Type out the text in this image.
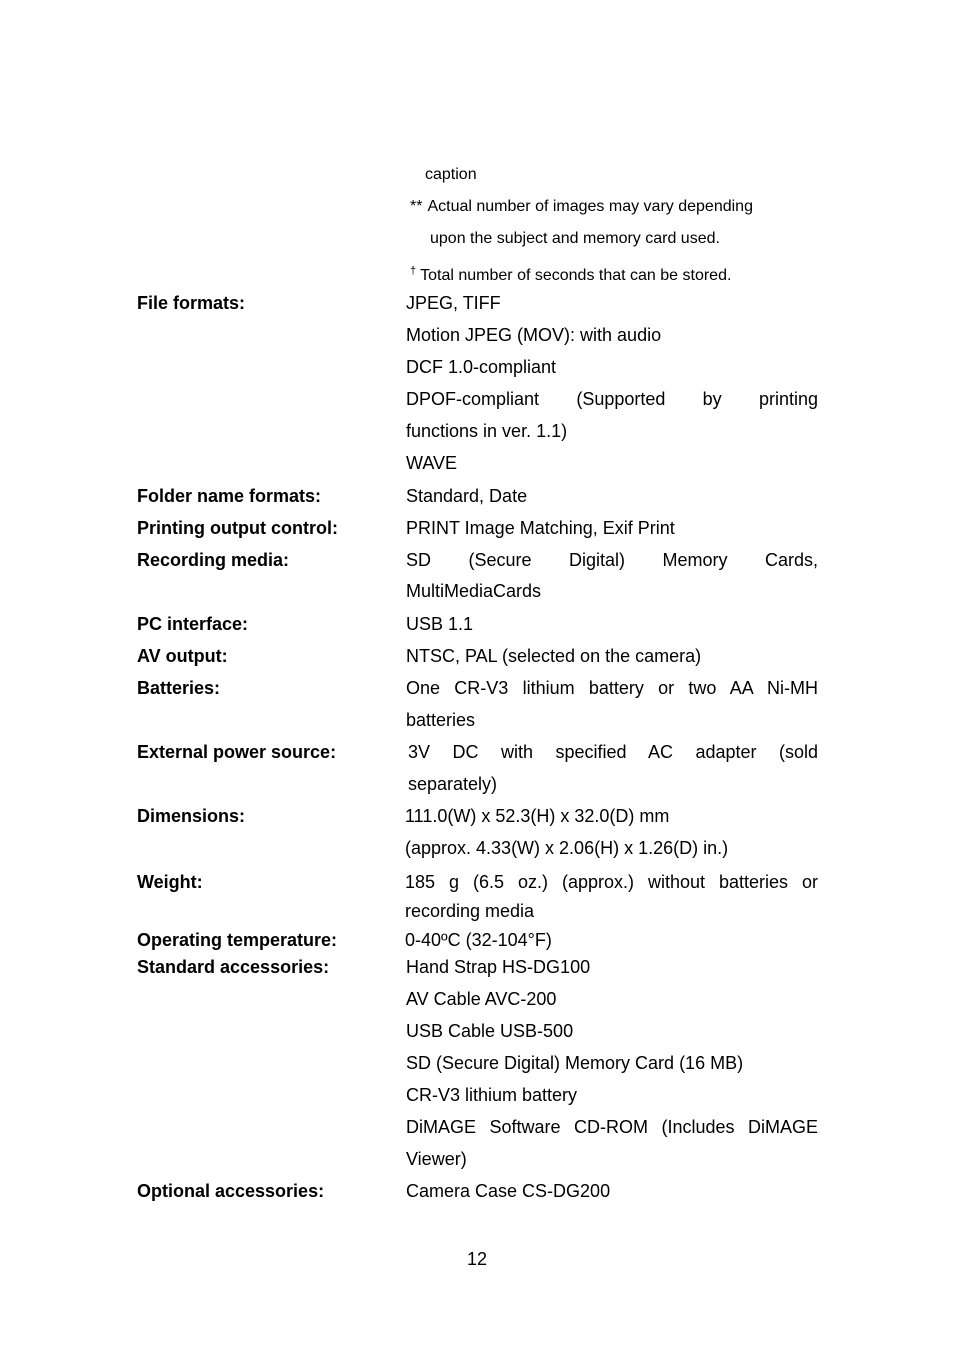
caption
** Actual number of images may vary depending
upon the subject and memory card used.
† Total number of seconds that can be stored.
File formats:	JPEG, TIFF
Motion JPEG (MOV): with audio
DCF 1.0-compliant
DPOF-compliant (Supported by printing
functions in ver. 1.1)
WAVE
Folder name formats:	Standard, Date
Printing output control:	PRINT Image Matching, Exif Print
Recording media:	SD (Secure Digital) Memory Cards,
MultiMediaCards
PC interface:	USB 1.1
AV output:	NTSC, PAL (selected on the camera)
Batteries:	One CR-V3 lithium battery or two AA Ni-MH
batteries
External power source:	3V DC with specified AC adapter (sold
separately)
Dimensions:	111.0(W) x 52.3(H) x 32.0(D) mm
(approx. 4.33(W) x 2.06(H) x 1.26(D) in.)
Weight:	185 g (6.5 oz.) (approx.) without batteries or
recording media
Operating temperature:	0-40ºC (32-104°F)
Standard accessories:	Hand Strap HS-DG100
AV Cable AVC-200
USB Cable USB-500
SD (Secure Digital) Memory Card (16 MB)
CR-V3 lithium battery
DiMAGE Software CD-ROM (Includes DiMAGE
Viewer)
Optional accessories:	Camera Case CS-DG200
12
